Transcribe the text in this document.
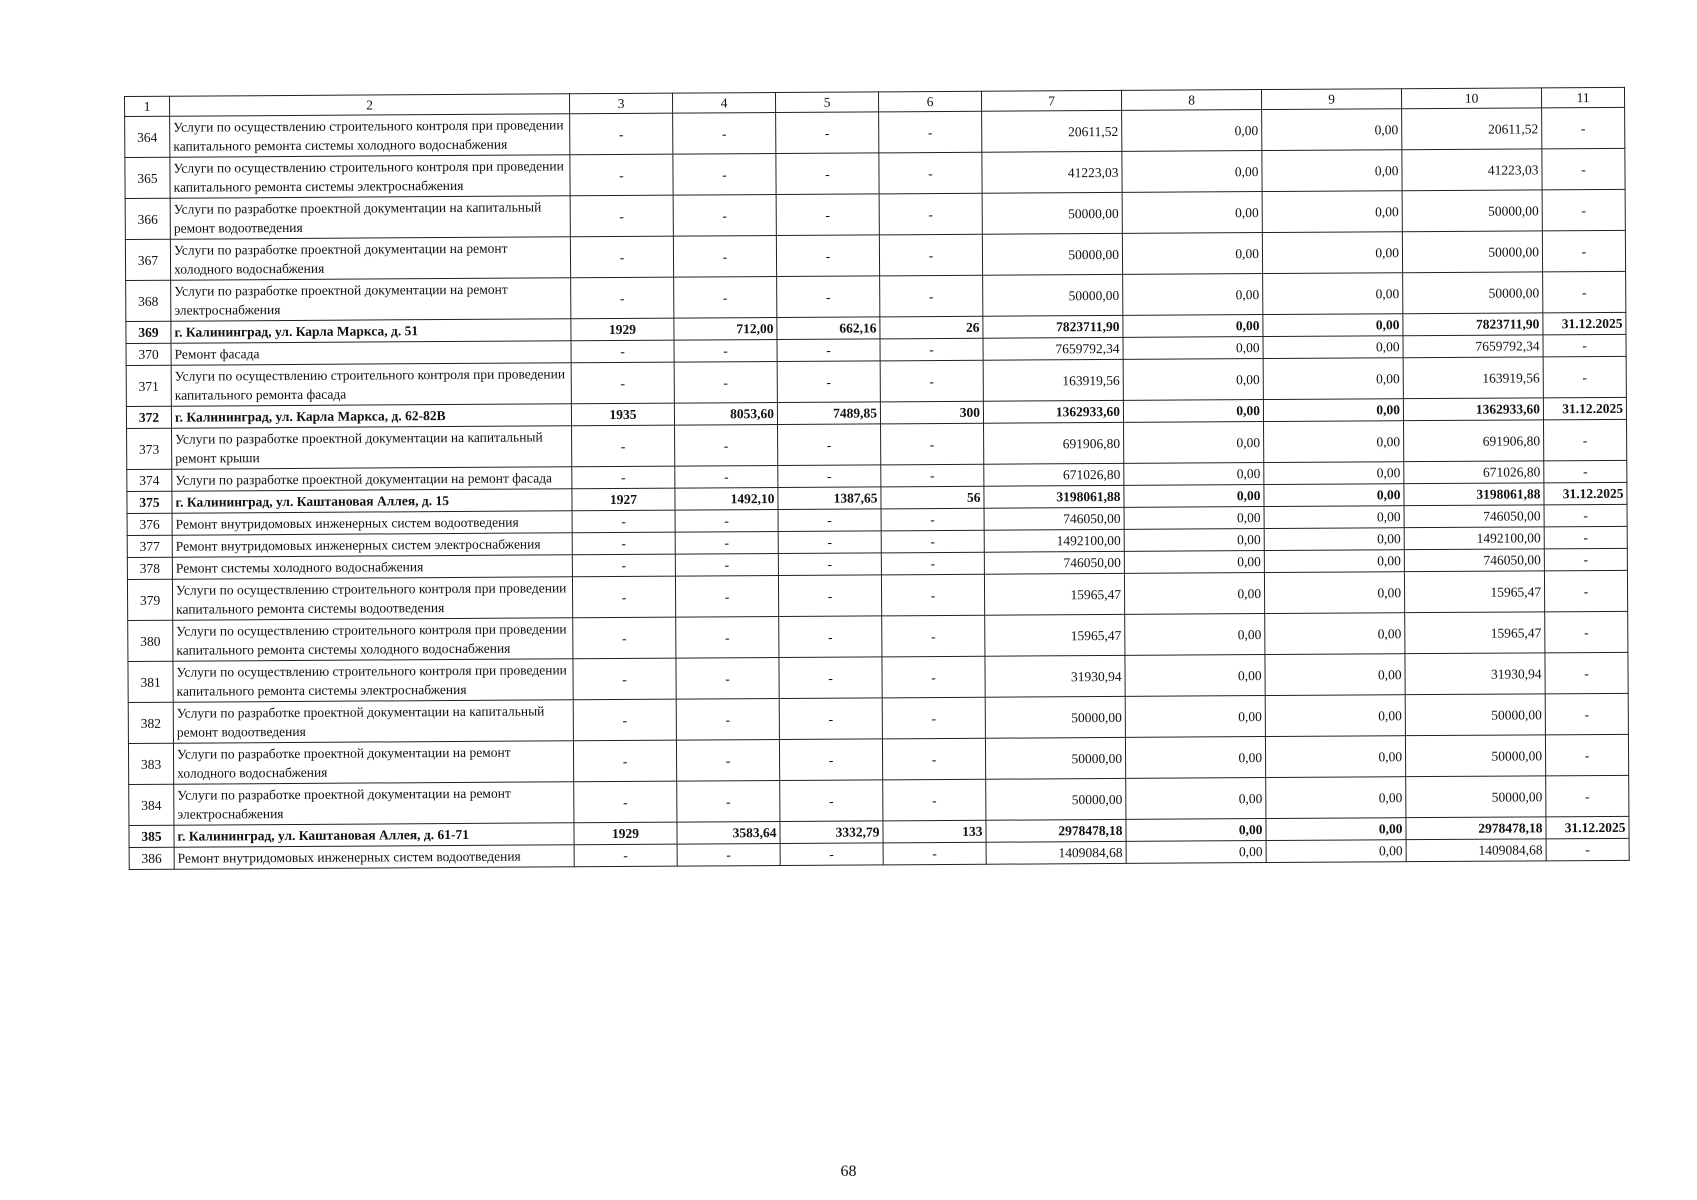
1	2	3	4	5	6	7	8	9	10	11
364	Услуги по осуществлению строительного контроля при проведении капитального ремонта системы холодного водоснабжения	-	-	-	-	20611,52	0,00	0,00	20611,52	-
365	Услуги по осуществлению строительного контроля при проведении капитального ремонта системы электроснабжения	-	-	-	-	41223,03	0,00	0,00	41223,03	-
366	Услуги по разработке проектной документации на капитальный ремонт водоотведения	-	-	-	-	50000,00	0,00	0,00	50000,00	-
367	Услуги по разработке проектной документации на ремонт холодного водоснабжения	-	-	-	-	50000,00	0,00	0,00	50000,00	-
368	Услуги по разработке проектной документации на ремонт электроснабжения	-	-	-	-	50000,00	0,00	0,00	50000,00	-
369	г. Калининград, ул. Карла Маркса, д. 51	1929	712,00	662,16	26	7823711,90	0,00	0,00	7823711,90	31.12.2025
370	Ремонт фасада	-	-	-	-	7659792,34	0,00	0,00	7659792,34	-
371	Услуги по осуществлению строительного контроля при проведении капитального ремонта фасада	-	-	-	-	163919,56	0,00	0,00	163919,56	-
372	г. Калининград, ул. Карла Маркса, д. 62-82В	1935	8053,60	7489,85	300	1362933,60	0,00	0,00	1362933,60	31.12.2025
373	Услуги по разработке проектной документации на капитальный ремонт крыши	-	-	-	-	691906,80	0,00	0,00	691906,80	-
374	Услуги по разработке проектной документации на ремонт фасада	-	-	-	-	671026,80	0,00	0,00	671026,80	-
375	г. Калининград, ул. Каштановая Аллея, д. 15	1927	1492,10	1387,65	56	3198061,88	0,00	0,00	3198061,88	31.12.2025
376	Ремонт внутридомовых инженерных систем водоотведения	-	-	-	-	746050,00	0,00	0,00	746050,00	-
377	Ремонт внутридомовых инженерных систем электроснабжения	-	-	-	-	1492100,00	0,00	0,00	1492100,00	-
378	Ремонт системы холодного водоснабжения	-	-	-	-	746050,00	0,00	0,00	746050,00	-
379	Услуги по осуществлению строительного контроля при проведении капитального ремонта системы водоотведения	-	-	-	-	15965,47	0,00	0,00	15965,47	-
380	Услуги по осуществлению строительного контроля при проведении капитального ремонта системы холодного водоснабжения	-	-	-	-	15965,47	0,00	0,00	15965,47	-
381	Услуги по осуществлению строительного контроля при проведении капитального ремонта системы электроснабжения	-	-	-	-	31930,94	0,00	0,00	31930,94	-
382	Услуги по разработке проектной документации на капитальный ремонт водоотведения	-	-	-	-	50000,00	0,00	0,00	50000,00	-
383	Услуги по разработке проектной документации на ремонт холодного водоснабжения	-	-	-	-	50000,00	0,00	0,00	50000,00	-
384	Услуги по разработке проектной документации на ремонт электроснабжения	-	-	-	-	50000,00	0,00	0,00	50000,00	-
385	г. Калининград, ул. Каштановая Аллея, д. 61-71	1929	3583,64	3332,79	133	2978478,18	0,00	0,00	2978478,18	31.12.2025
386	Ремонт внутридомовых инженерных систем водоотведения	-	-	-	-	1409084,68	0,00	0,00	1409084,68	-
68
